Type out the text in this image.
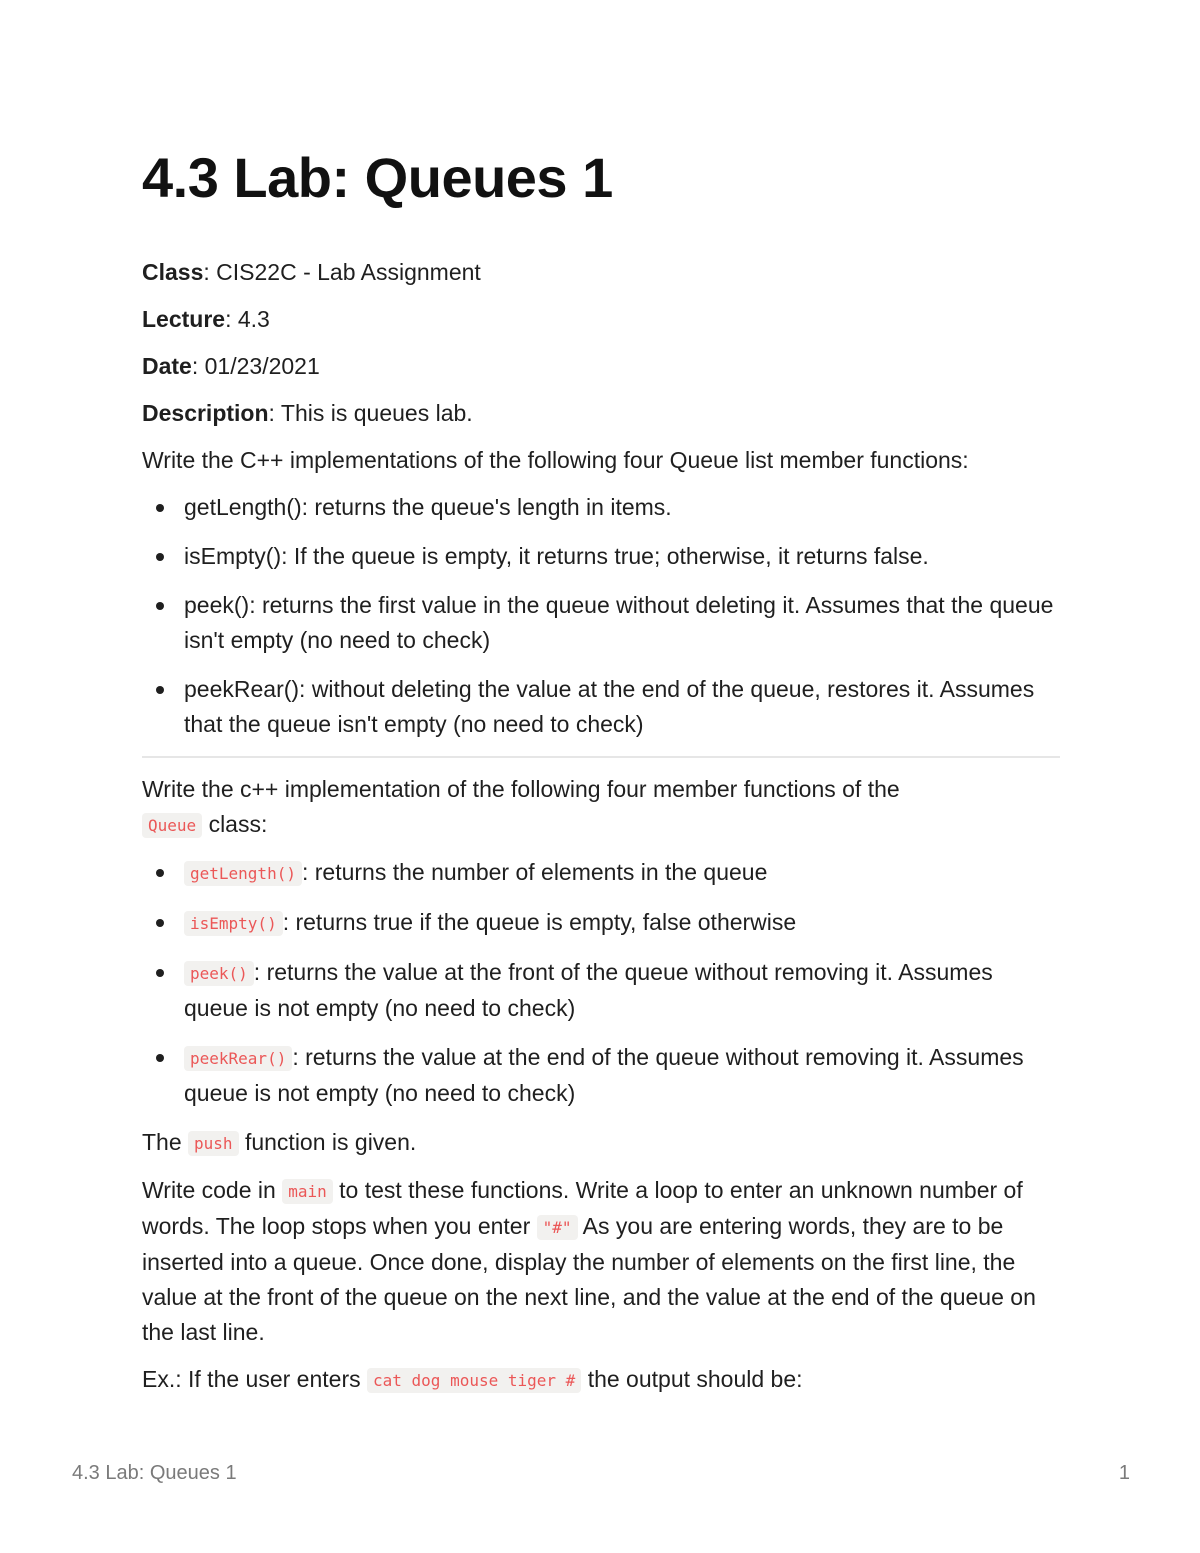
4.3 Lab: Queues 1

Class: CIS22C - Lab Assignment

Lecture: 4.3

Date: 01/23/2021

Description: This is queues lab.

Write the C++ implementations of the following four Queue list member functions:

getLength(): returns the queue's length in items.
isEmpty(): If the queue is empty, it returns true; otherwise, it returns false.
peek(): returns the first value in the queue without deleting it. Assumes that the queue isn't empty (no need to check)
peekRear(): without deleting the value at the end of the queue, restores it. Assumes that the queue isn't empty (no need to check)

Write the c++ implementation of the following four member functions of the Queue class:

getLength() : returns the number of elements in the queue
isEmpty() : returns true if the queue is empty, false otherwise
peek() : returns the value at the front of the queue without removing it. Assumes queue is not empty (no need to check)
peekRear() : returns the value at the end of the queue without removing it. Assumes queue is not empty (no need to check)

The push function is given.

Write code in main to test these functions. Write a loop to enter an unknown number of words. The loop stops when you enter "#" As you are entering words, they are to be inserted into a queue. Once done, display the number of elements on the first line, the value at the front of the queue on the next line, and the value at the end of the queue on the last line.

Ex.: If the user enters cat dog mouse tiger # the output should be:

4.3 Lab: Queues 1	1
